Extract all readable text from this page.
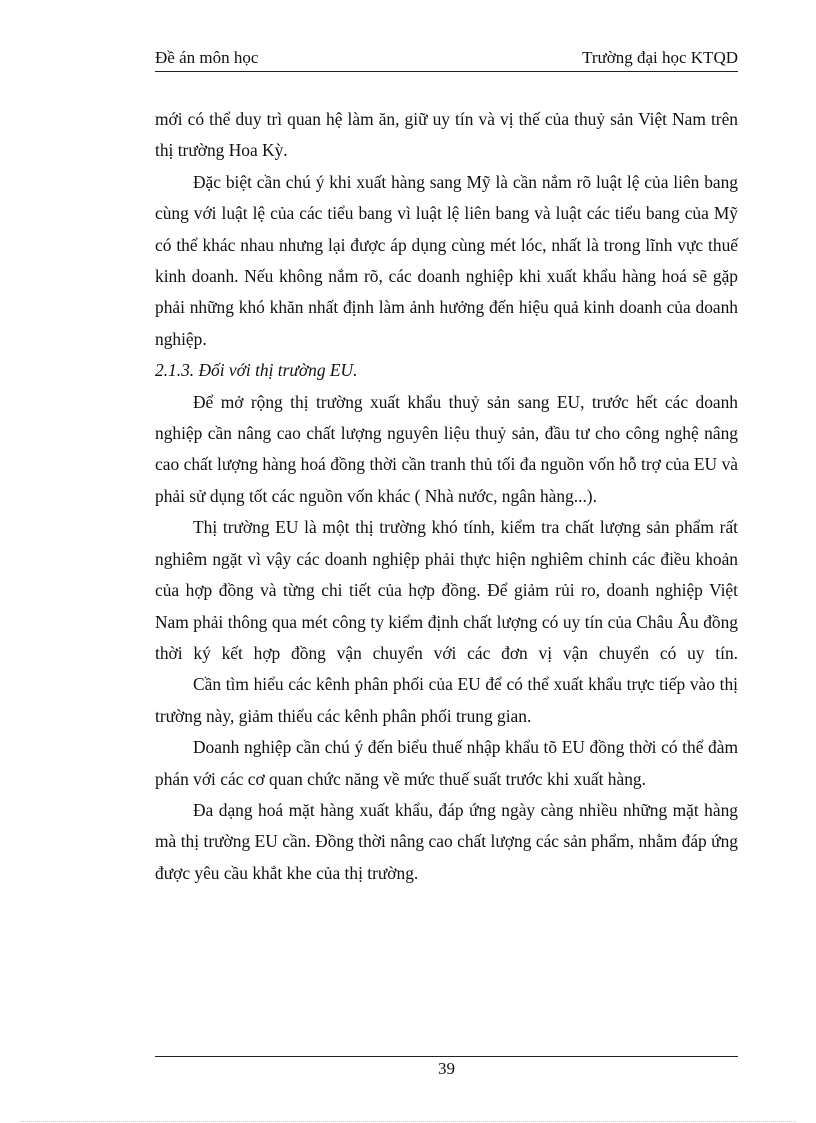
Đề án môn học	Trường đại học KTQD

mới có thể duy trì quan hệ làm ăn, giữ uy tín và vị thế của thuỷ sản Việt Nam trên thị trường Hoa Kỳ.

Đặc biệt cần chú ý khi xuất hàng sang Mỹ là cần nắm rõ luật lệ của liên bang cùng với luật lệ của các tiểu bang vì luật lệ liên bang và luật các tiểu bang của Mỹ có thể khác nhau nhưng lại được áp dụng cùng mét lóc, nhất là trong lĩnh vực thuế kinh doanh. Nếu không nắm rõ, các doanh nghiệp khi xuất khẩu hàng hoá sẽ gặp phải những khó khăn nhất định làm ảnh hưởng đến hiệu quả kinh doanh của doanh nghiệp.

2.1.3. Đối với thị trường EU.

Để mở rộng thị trường xuất khẩu thuỷ sản sang EU, trước hết các doanh nghiệp cần nâng cao chất lượng nguyên liệu thuỷ sản, đầu tư cho công nghệ nâng cao chất lượng hàng hoá đồng thời cần tranh thủ tối đa nguồn vốn hỗ trợ của EU và phải sử dụng tốt các nguồn vốn khác ( Nhà nước, ngân hàng...).

Thị trường EU là một thị trường khó tính, kiểm tra chất lượng sản phẩm rất nghiêm ngặt vì vậy các doanh nghiệp phải thực hiện nghiêm chỉnh các điều khoản của hợp đồng và từng chi tiết của hợp đồng. Để giảm rủi ro, doanh nghiệp Việt Nam phải thông qua mét công ty kiểm định chất lượng có uy tín của Châu Âu đồng thời ký kết hợp đồng vận chuyển với các đơn vị vận chuyển có uy tín.

Cần tìm hiểu các kênh phân phối của EU để có thể xuất khẩu trực tiếp vào thị trường này, giảm thiểu các kênh phân phối trung gian.

Doanh nghiệp cần chú ý đến biểu thuế nhập khẩu tõ EU đồng thời có thể đàm phán với các cơ quan chức năng về mức thuế suất trước khi xuất hàng.

Đa dạng hoá mặt hàng xuất khẩu, đáp ứng ngày càng nhiều những mặt hàng mà thị trường EU cần. Đồng thời nâng cao chất lượng các sản phẩm, nhằm đáp ứng được yêu cầu khắt khe của thị trường.

39
